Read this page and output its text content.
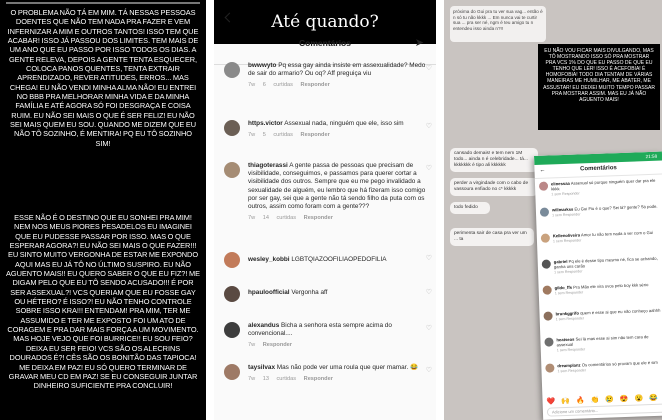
O PROBLEMA NÃO TÁ EM MIM. TÁ NESSAS PESSOAS DOENTES QUE NÃO TEM NADA PRA FAZER E VEM INFERNIZAR A MIM E OUTROS TANTOS! ISSO TEM QUE ACABAR! ISSO JÁ PASSOU DOS LIMITES. TEM MAIS DE UM ANO QUE EU PASSO POR ISSO TODOS OS DIAS. A GENTE RELEVA, DEPOIS A GENTE TENTA ESQUECER, COLOCA PANOS QUENTES, TENTA EXTRAIR APRENDIZADO, REVER ATITUDES, ERROS... MAS CHEGA! EU NÃO VENDI MINHA ALMA NÃO! EU ENTREI NO BBB PRA MELHORAR MINHA VIDA E DA MINHA FAMÍLIA E ATÉ AGORA SÓ FOI DESGRAÇA E COISA RUIM. EU NÃO SEI MAIS O QUE É SER FELIZ! EU NÃO SEI MAIS QUEM EU SOU. QUANDO ME DIZEM QUE EU NÃO TÔ SOZINHO, É MENTIRA! PQ EU TÔ SOZINHO SIM!

ESSE NÃO É O DESTINO QUE EU SONHEI PRA MIM! NEM NOS MEUS PIORES PESADELOS EU IMAGINEI QUE EU PUDESSE PASSAR POR ISSO. MAS O QUE ESPERAR AGORA?! EU NÃO SEI MAIS O QUE FAZER!!! EU SINTO MUITO VERGONHA DE ESTAR ME EXPONDO AQUI MAS EU JÁ TÔ NO ÚLTIMO SUSPIRO. EU NÃO AGUENTO MAIS!! EU QUERO SABER O QUE EU FIZ?! ME DIGAM PELO QUE EU TÔ SENDO ACUSADO!!! É POR SER ASSEXUAL?! VCS QUERIAM QUE EU FOSSE GAY OU HÉTERO? É ISSO?! EU NÃO TENHO CONTROLE SOBRE ISSO KRA!!! ENTENDAM! PRA MIM, TER ME ASSUMIDO E TER ME EXPOSTO FOI UM ATO DE CORAGEM E PRA DAR MAIS FORÇA A UM MOVIMENTO. MAS HOJE VEJO QUE FOI BURRICE!! EU SOU FEIO? DEIXA EU SER FEIO! VCS SÃO OS ALECRINS DOURADOS É?! CÊS SÃO OS BONITÃO DAS TAPIOCA! ME DEIXA EM PAZ! EU SÓ QUERO TERMINAR DE GRAVAR MEU CD EM PAZ! SE EU CONSEGUIR JUNTAR DINHEIRO SUFICIENTE PRA CONCLUIR!

Até quando?
Comentários	➤
bwwwyto Pq essa gay ainda insiste em assexualidade? Medo de sair do armario? Ou oq? Aff preguiça viu
7w 6 curtidas Responder
♡
https.victor Assexual nada, ninguém que ele, isso sim
7w 5 curtidas Responder
♡
thiagoterassi A gente passa de pessoas que precisam de visibilidade, conseguimos, e passamos para querer cortar a visibilidade dos outros. Sempre que eu me pego invalidado a sexualidade de alguém, eu lembro que há fizeram isso comigo por ser gay, sei que a gente não tá sendo filho da puta com os outros, assim como foram com a gente???
7w 14 curtidas Responder
♡
wesley_kobbi LGBTQIAZOOFILIAOPEDOFILIA	♡
hpauloofficial Vergonha aff	♡
alexandus Bicha a senhora esta sempre acima do convencional....
7w Responder
♡
taysilvax Mas não pode ver uma roula que quer mamar. 😂
7w 13 curtidas Responder
♡
próxima do Gui pra tu ver sua vag... então é n só tu não kkkk ... Em nunca vai te curtir sua ... pra ser né, ngm é teu amigo tu n entendeu isso ainda n?!!
cansado demais! e tem nem 1M todo... ainda n é celebridade... tá... kkkkkkk é tipo ali kkkkkk
perder a virgindade com o cabo de vassoura enfiado no c* kkkkk
todo fedido
perimenta sair de casa pra ver um ... ta
EU NÃO VOU FICAR MAIS DIVULGANDO, MAS TÔ MOSTRANDO ISSO SÓ PRA MOSTRAR PRA VCS 1% DO QUE EU PASSO DE QUE EU TENHO QUE LER! ISSO É ACEFOBIA! É HOMOFOBIA! TODO DIA TENTAM DE VÁRIAS MANEIRAS ME HUMILHAR, ME ABATER, ME ASSUSTAR! EU DEIXEI MUITO TEMPO PASSAR PRA MOSTRAR ASSIM. MAS EU JÁ NÃO AGUENTO MAIS!
21:58
←	Comentários
elinessaa Assexual só porque ninguém quer dar pra ele kkkk
1 sem Responder
willmarkss Eu Gui Fiu é o que? Sei lá? gente? Só pode.
1 sem Responder
Kellenoliveira Amor tu não tem nada a ver com o Gui
1 sem Responder
gabriel Pq ele é desse tipo mesmo né, fica se achando, ganha uns carão
1 sem Responder
gildo_ffs Pra Mão ele vira ovos pelo boy kkk sério
1 sem Responder
brunkggrifo quem é esse ai que eu não conheço aahhh
1 sem Responder
heatseas Sei lá mas esse ai sim não tem cara de assexual
1 sem Responder
dreamplanz Os comentários só provam que ele é sim
1 sem Responder
❤️ 🙌 🔥 👏 😢 😍 😮 😂
Adicione um comentário...
